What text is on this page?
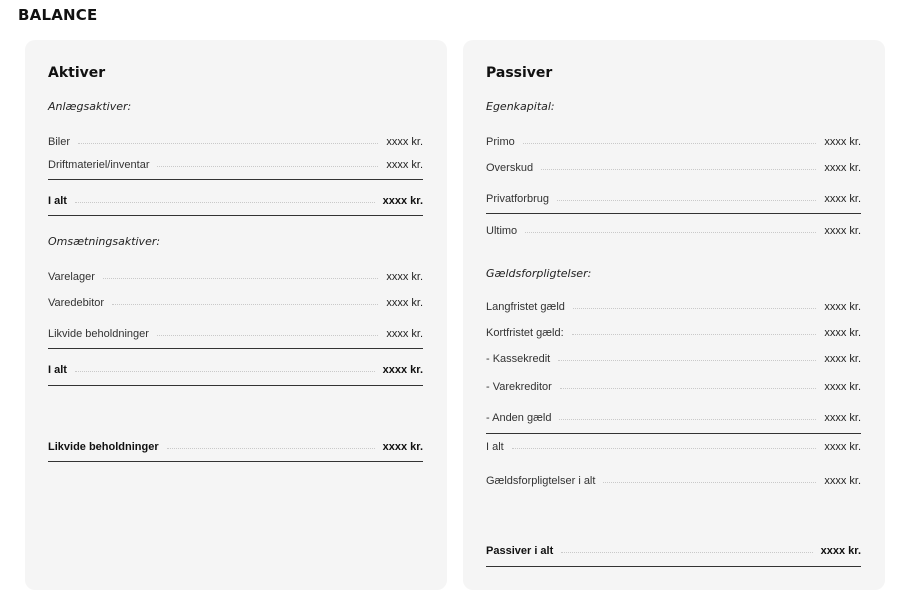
BALANCE
Aktiver
Anlægsaktiver:
Biler	xxxx kr.
Driftmateriel/inventar	xxxx kr.
I alt	xxxx kr.
Omsætningsaktiver:
Varelager	xxxx kr.
Varedebitor	xxxx kr.
Likvide beholdninger	xxxx kr.
I alt	xxxx kr.
Likvide beholdninger	xxxx kr.
Passiver
Egenkapital:
Primo	xxxx kr.
Overskud	xxxx kr.
Privatforbrug	xxxx kr.
Ultimo	xxxx kr.
Gældsforpligtelser:
Langfristet gæld	xxxx kr.
Kortfristet gæld:	xxxx kr.
- Kassekredit	xxxx kr.
- Varekreditor	xxxx kr.
- Anden gæld	xxxx kr.
I alt	xxxx kr.
Gældsforpligtelser i alt	xxxx kr.
Passiver i alt	xxxx kr.
